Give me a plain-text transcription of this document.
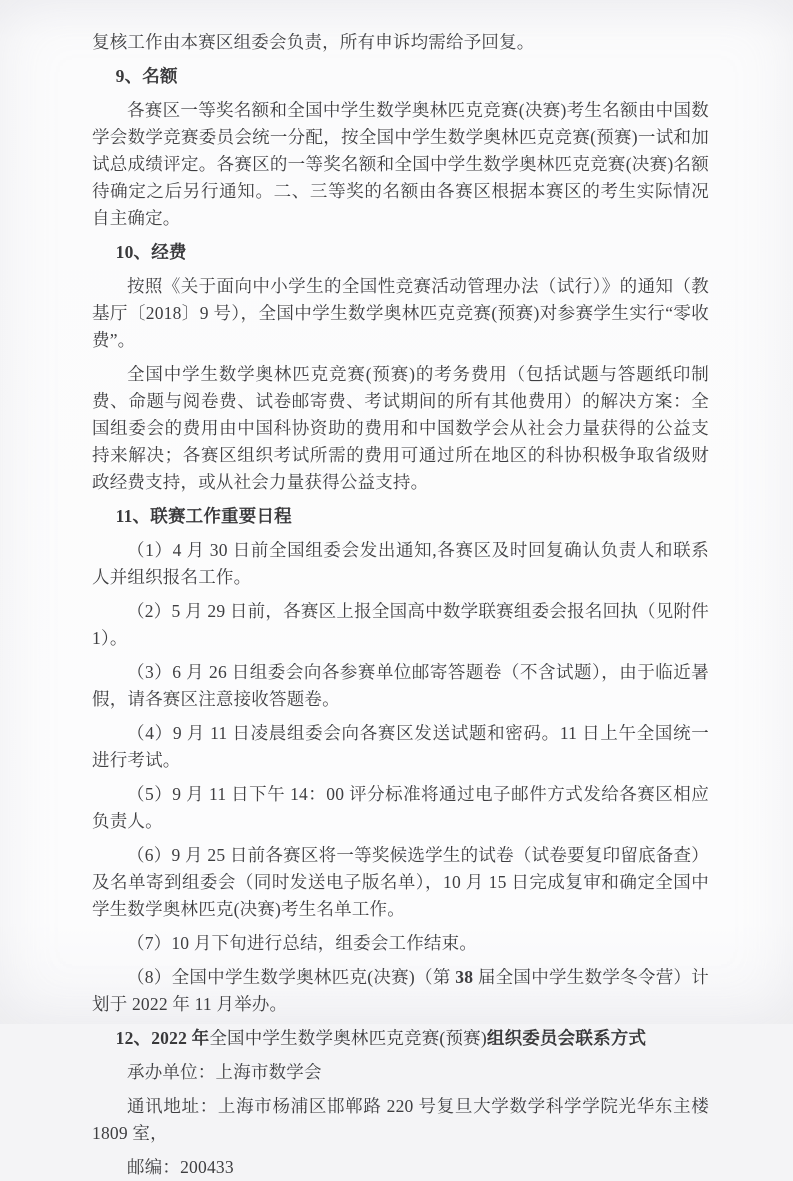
复核工作由本赛区组委会负责，所有申诉均需给予回复。

9、名额

各赛区一等奖名额和全国中学生数学奥林匹克竞赛(决赛)考生名额由中国数学会数学竞赛委员会统一分配，按全国中学生数学奥林匹克竞赛(预赛)一试和加试总成绩评定。各赛区的一等奖名额和全国中学生数学奥林匹克竞赛(决赛)名额待确定之后另行通知。二、三等奖的名额由各赛区根据本赛区的考生实际情况自主确定。

10、经费

按照《关于面向中小学生的全国性竞赛活动管理办法（试行）》的通知（教基厅〔2018〕9 号），全国中学生数学奥林匹克竞赛(预赛)对参赛学生实行“零收费”。

全国中学生数学奥林匹克竞赛(预赛)的考务费用（包括试题与答题纸印制费、命题与阅卷费、试卷邮寄费、考试期间的所有其他费用）的解决方案：全国组委会的费用由中国科协资助的费用和中国数学会从社会力量获得的公益支持来解决；各赛区组织考试所需的费用可通过所在地区的科协积极争取省级财政经费支持，或从社会力量获得公益支持。

11、联赛工作重要日程

（1）4 月 30 日前全国组委会发出通知,各赛区及时回复确认负责人和联系人并组织报名工作。

（2）5 月 29 日前，各赛区上报全国高中数学联赛组委会报名回执（见附件 1）。

（3）6 月 26 日组委会向各参赛单位邮寄答题卷（不含试题），由于临近暑假，请各赛区注意接收答题卷。

（4）9 月 11 日凌晨组委会向各赛区发送试题和密码。11 日上午全国统一进行考试。

（5）9 月 11 日下午 14：00 评分标准将通过电子邮件方式发给各赛区相应负责人。

（6）9 月 25 日前各赛区将一等奖候选学生的试卷（试卷要复印留底备查）及名单寄到组委会（同时发送电子版名单），10 月 15 日完成复审和确定全国中学生数学奥林匹克(决赛)考生名单工作。

（7）10 月下旬进行总结，组委会工作结束。

（8）全国中学生数学奥林匹克(决赛)（第 38 届全国中学生数学冬令营）计划于 2022 年 11 月举办。

12、2022 年全国中学生数学奥林匹克竞赛(预赛)组织委员会联系方式

承办单位：上海市数学会

通讯地址：上海市杨浦区邯郸路 220 号复旦大学数学科学学院光华东主楼 1809 室，

邮编：200433
